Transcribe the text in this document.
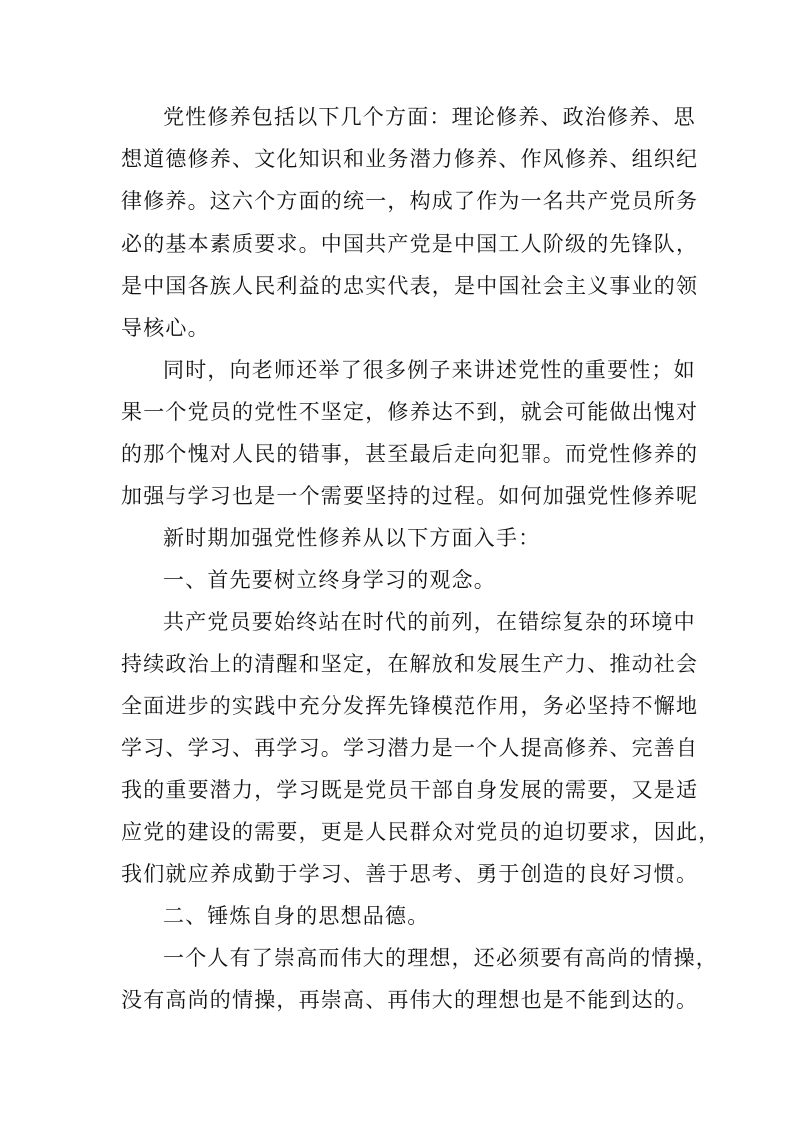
党性修养包括以下几个方面：理论修养、政治修养、思
想道德修养、文化知识和业务潜力修养、作风修养、组织纪
律修养。这六个方面的统一，构成了作为一名共产党员所务
必的基本素质要求。中国共产党是中国工人阶级的先锋队，
是中国各族人民利益的忠实代表，是中国社会主义事业的领
导核心。
同时，向老师还举了很多例子来讲述党性的重要性；如
果一个党员的党性不坚定，修养达不到，就会可能做出愧对
的那个愧对人民的错事，甚至最后走向犯罪。而党性修养的
加强与学习也是一个需要坚持的过程。如何加强党性修养呢
新时期加强党性修养从以下方面入手：
一、首先要树立终身学习的观念。
共产党员要始终站在时代的前列，在错综复杂的环境中
持续政治上的清醒和坚定，在解放和发展生产力、推动社会
全面进步的实践中充分发挥先锋模范作用，务必坚持不懈地
学习、学习、再学习。学习潜力是一个人提高修养、完善自
我的重要潜力，学习既是党员干部自身发展的需要，又是适
应党的建设的需要，更是人民群众对党员的迫切要求，因此，
我们就应养成勤于学习、善于思考、勇于创造的良好习惯。
二、锤炼自身的思想品德。
一个人有了崇高而伟大的理想，还必须要有高尚的情操，
没有高尚的情操，再崇高、再伟大的理想也是不能到达的。
